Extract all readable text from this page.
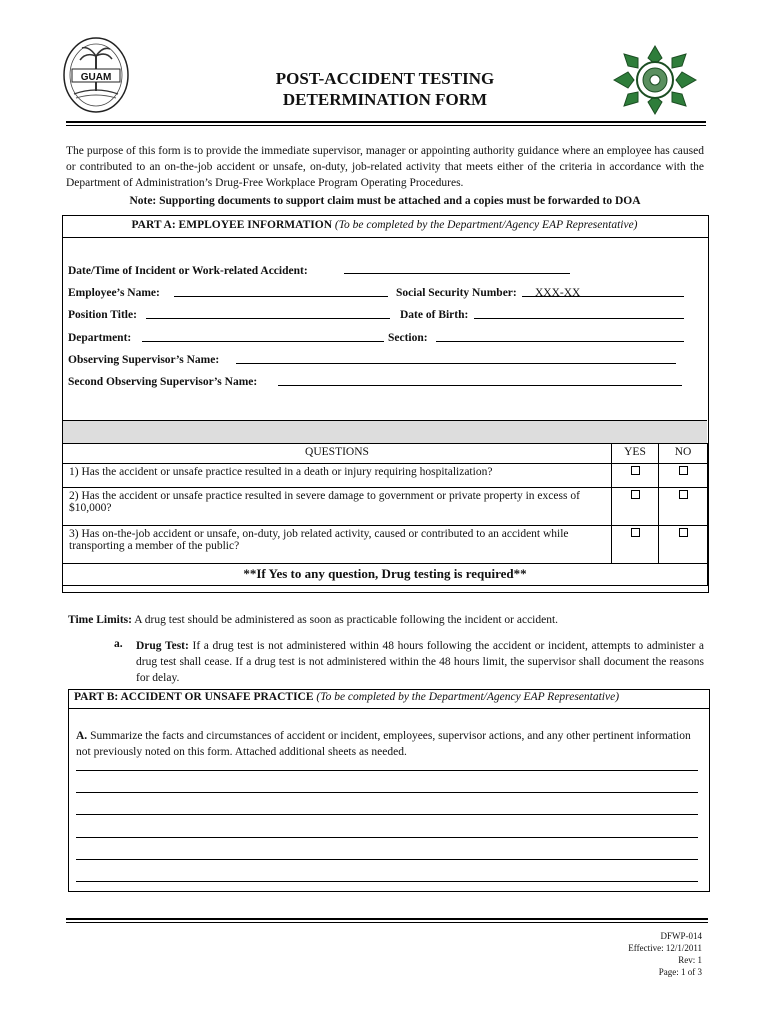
GUAM	POST-ACCIDENT TESTING
DETERMINATION FORM
The purpose of this form is to provide the immediate supervisor, manager or appointing authority guidance where an employee has caused or contributed to an on-the-job accident or unsafe, on-duty, job-related activity that meets either of the criteria in accordance with the Department of Administration’s Drug-Free Workplace Program Operating Procedures.
Note: Supporting documents to support claim must be attached and a copies must be forwarded to DOA
PART A: EMPLOYEE INFORMATION (To be completed by the Department/Agency EAP Representative)
Date/Time of Incident or Work-related Accident:
Employee’s Name:	Social Security Number: XXX-XX
Position Title:	Date of Birth:
Department:	Section:
Observing Supervisor’s Name:
Second Observing Supervisor’s Name:
QUESTIONS	YES	NO
1) Has the accident or unsafe practice resulted in a death or injury requiring hospitalization?		
2) Has the accident or unsafe practice resulted in severe damage to government or private property in excess of $10,000?		
3) Has on-the-job accident or unsafe, on-duty, job related activity, caused or contributed to an accident while transporting a member of the public?		
**If Yes to any question, Drug testing is required**		
Time Limits: A drug test should be administered as soon as practicable following the incident or accident.
a. Drug Test: If a drug test is not administered within 48 hours following the accident or incident, attempts to administer a drug test shall cease. If a drug test is not administered within the 48 hours limit, the supervisor shall document the reasons for delay.
PART B: ACCIDENT OR UNSAFE PRACTICE (To be completed by the Department/Agency EAP Representative)
A. Summarize the facts and circumstances of accident or incident, employees, supervisor actions, and any other pertinent information not previously noted on this form. Attached additional sheets as needed.
DFWP-014
Effective: 12/1/2011
Rev: 1
Page: 1 of 3
